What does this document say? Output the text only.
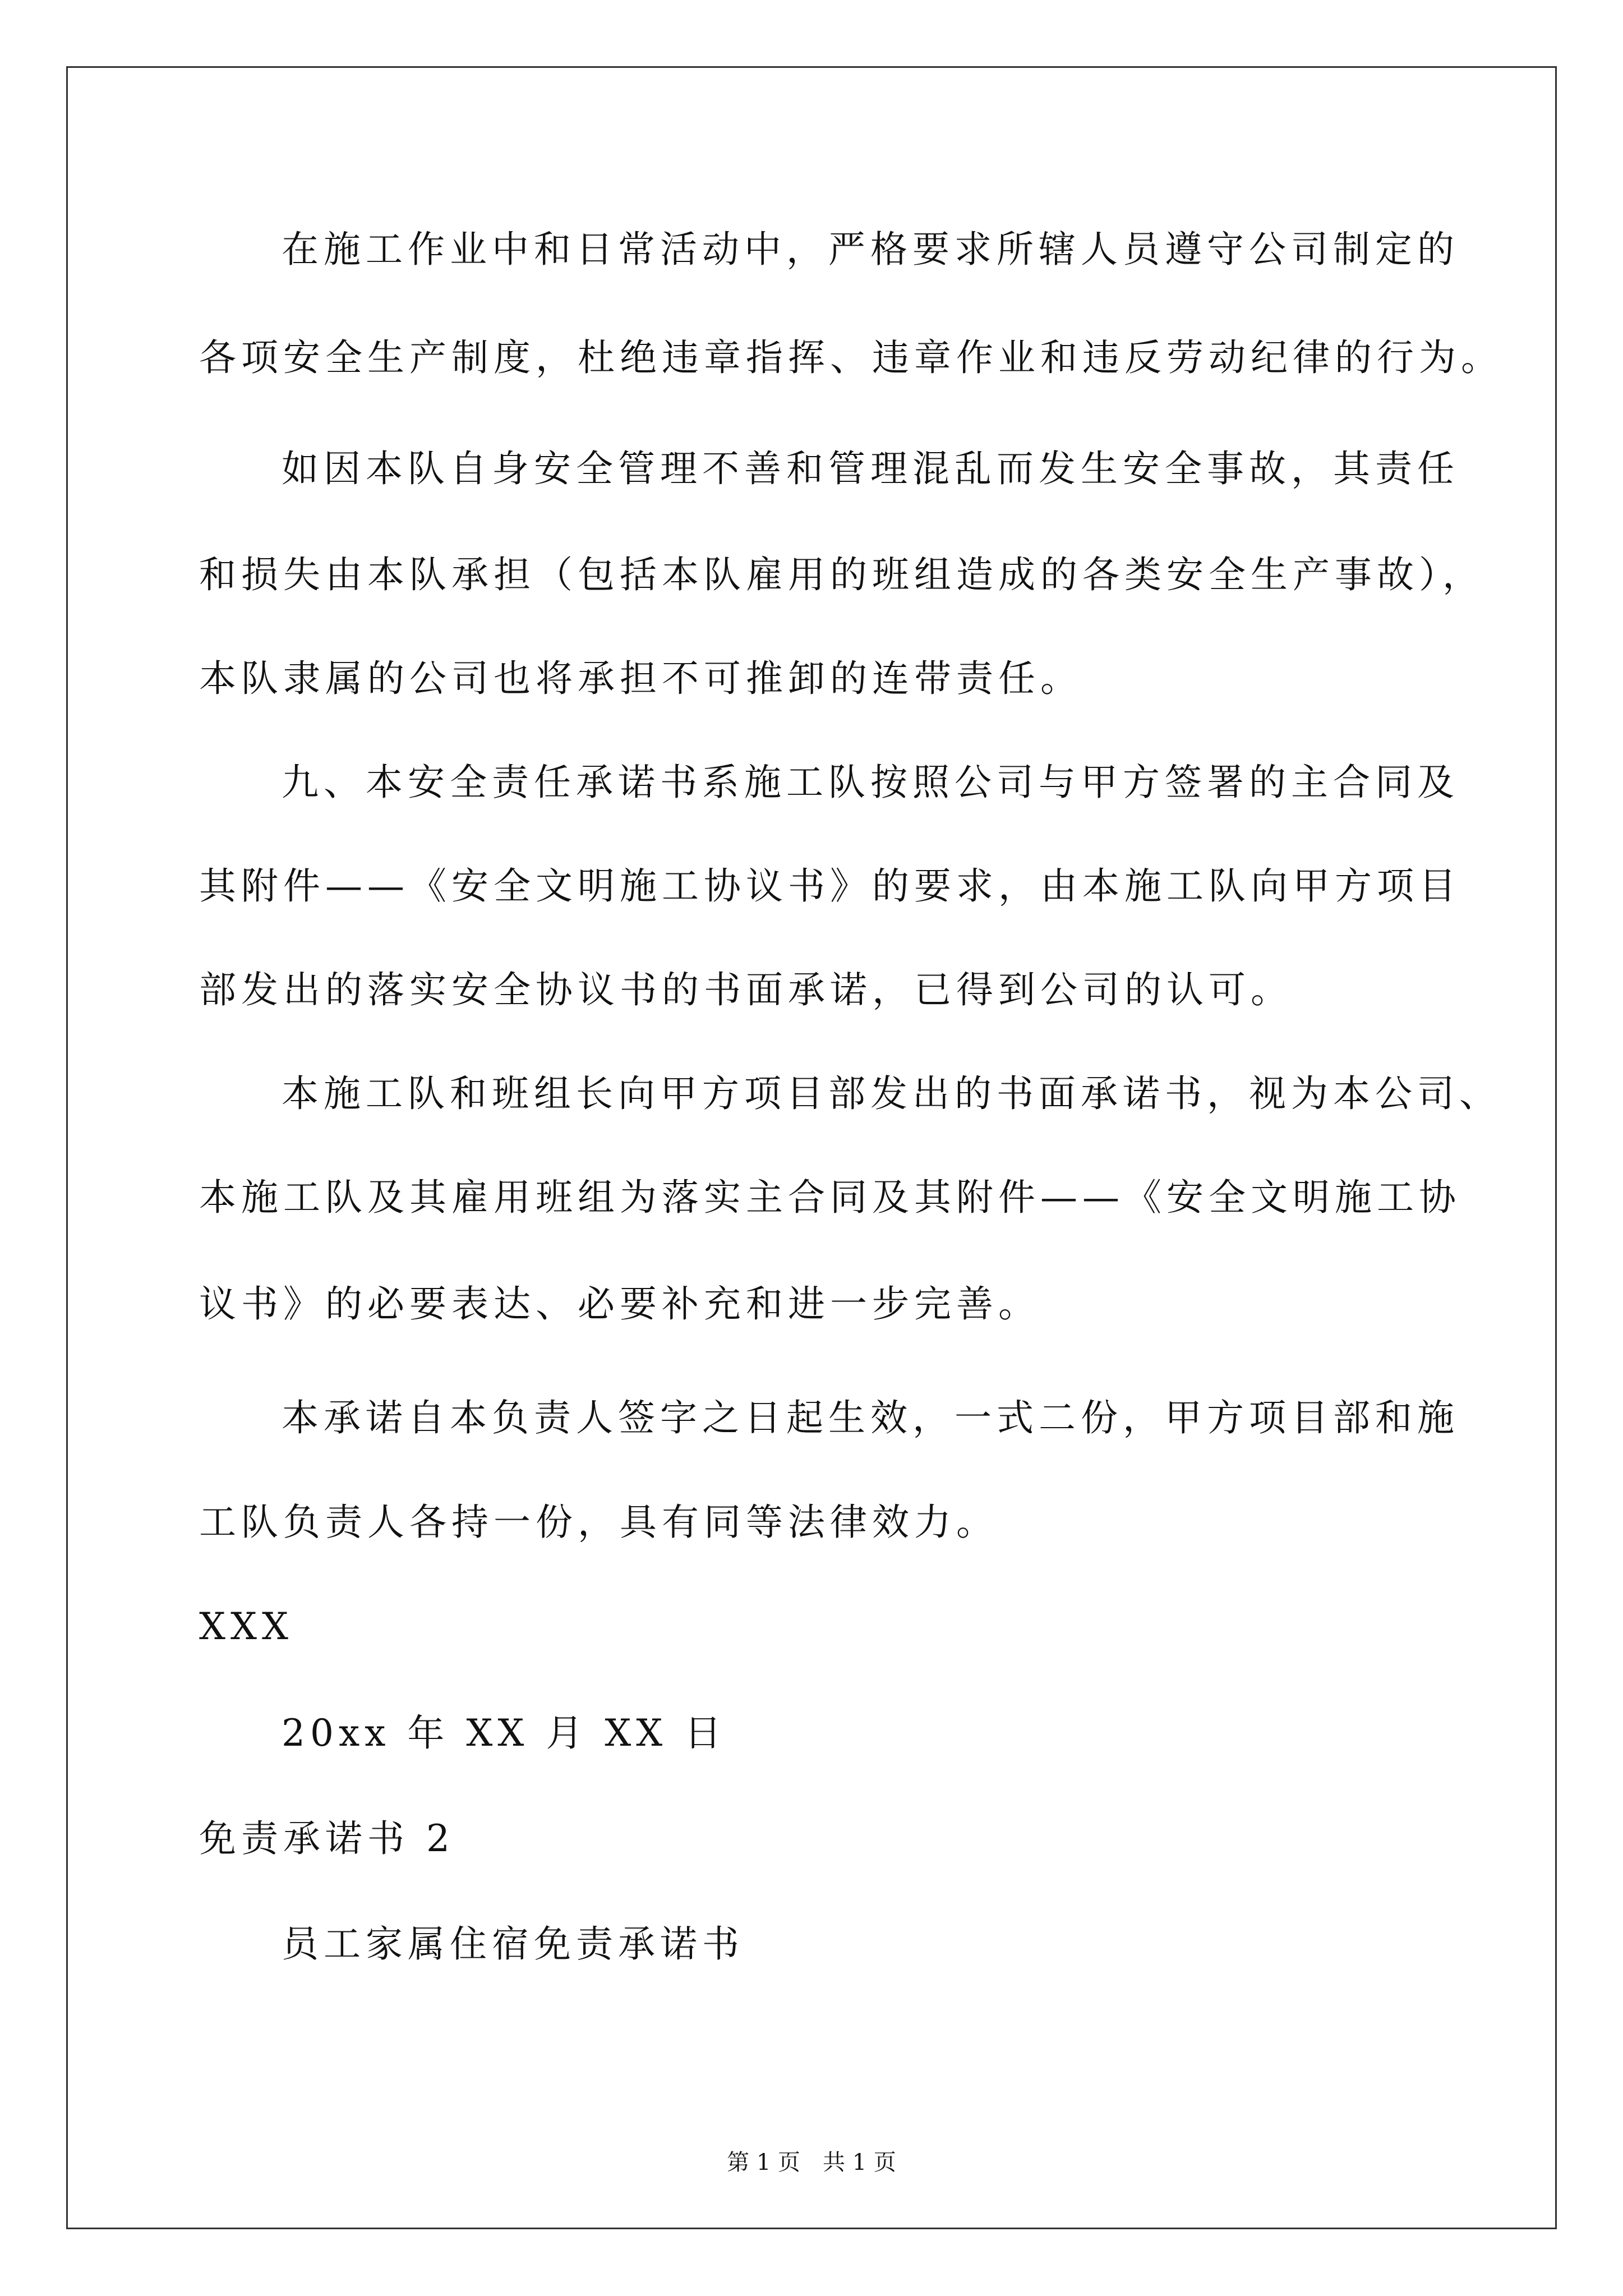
在施工作业中和日常活动中，严格要求所辖人员遵守公司制定的
各项安全生产制度，杜绝违章指挥、违章作业和违反劳动纪律的行为。
如因本队自身安全管理不善和管理混乱而发生安全事故，其责任
和损失由本队承担（包括本队雇用的班组造成的各类安全生产事故），
本队隶属的公司也将承担不可推卸的连带责任。
九、本安全责任承诺书系施工队按照公司与甲方签署的主合同及
其附件——《安全文明施工协议书》的要求，由本施工队向甲方项目
部发出的落实安全协议书的书面承诺，已得到公司的认可。
本施工队和班组长向甲方项目部发出的书面承诺书，视为本公司、
本施工队及其雇用班组为落实主合同及其附件——《安全文明施工协
议书》的必要表达、必要补充和进一步完善。
本承诺自本负责人签字之日起生效，一式二份，甲方项目部和施
工队负责人各持一份，具有同等法律效力。
XXX
20xx 年 XX 月 XX 日
免责承诺书 2
员工家属住宿免责承诺书
第 1 页　共 1 页
